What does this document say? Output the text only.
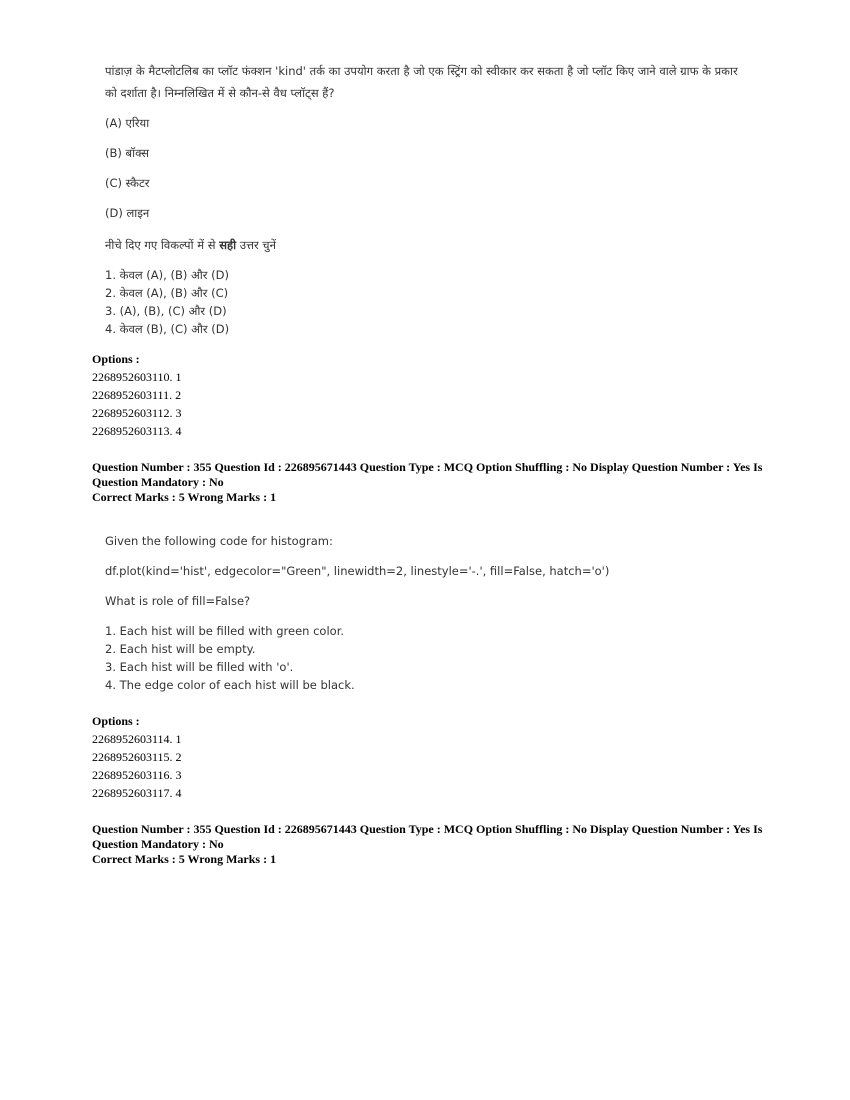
पांडाज़ के मैटप्लोटलिब का प्लॉट फंक्शन 'kind' तर्क का उपयोग करता है जो एक स्ट्रिंग को स्वीकार कर सकता है जो प्लॉट किए जाने वाले ग्राफ के प्रकार को दर्शाता है। निम्नलिखित में से कौन-से वैध प्लॉट्स हैं?

(A) एरिया
(B) बॉक्स
(C) स्कैटर
(D) लाइन
नीचे दिए गए विकल्पों में से सही उत्तर चुनें
1. केवल (A), (B) और (D)
2. केवल (A), (B) और (C)
3. (A), (B), (C) और (D)
4. केवल (B), (C) और (D)
Options :
2268952603110. 1
2268952603111. 2
2268952603112. 3
2268952603113. 4
Question Number : 355 Question Id : 226895671443 Question Type : MCQ Option Shuffling : No Display Question Number : Yes Is
Question Mandatory : No
Correct Marks : 5 Wrong Marks : 1

Given the following code for histogram:

df.plot(kind='hist', edgecolor="Green", linewidth=2, linestyle='-.', fill=False, hatch='o')
What is role of fill=False?
1. Each hist will be filled with green color.
2. Each hist will be empty.
3. Each hist will be filled with 'o'.
4. The edge color of each hist will be black.
Options :
2268952603114. 1
2268952603115. 2
2268952603116. 3
2268952603117. 4
Question Number : 355 Question Id : 226895671443 Question Type : MCQ Option Shuffling : No Display Question Number : Yes Is
Question Mandatory : No
Correct Marks : 5 Wrong Marks : 1
